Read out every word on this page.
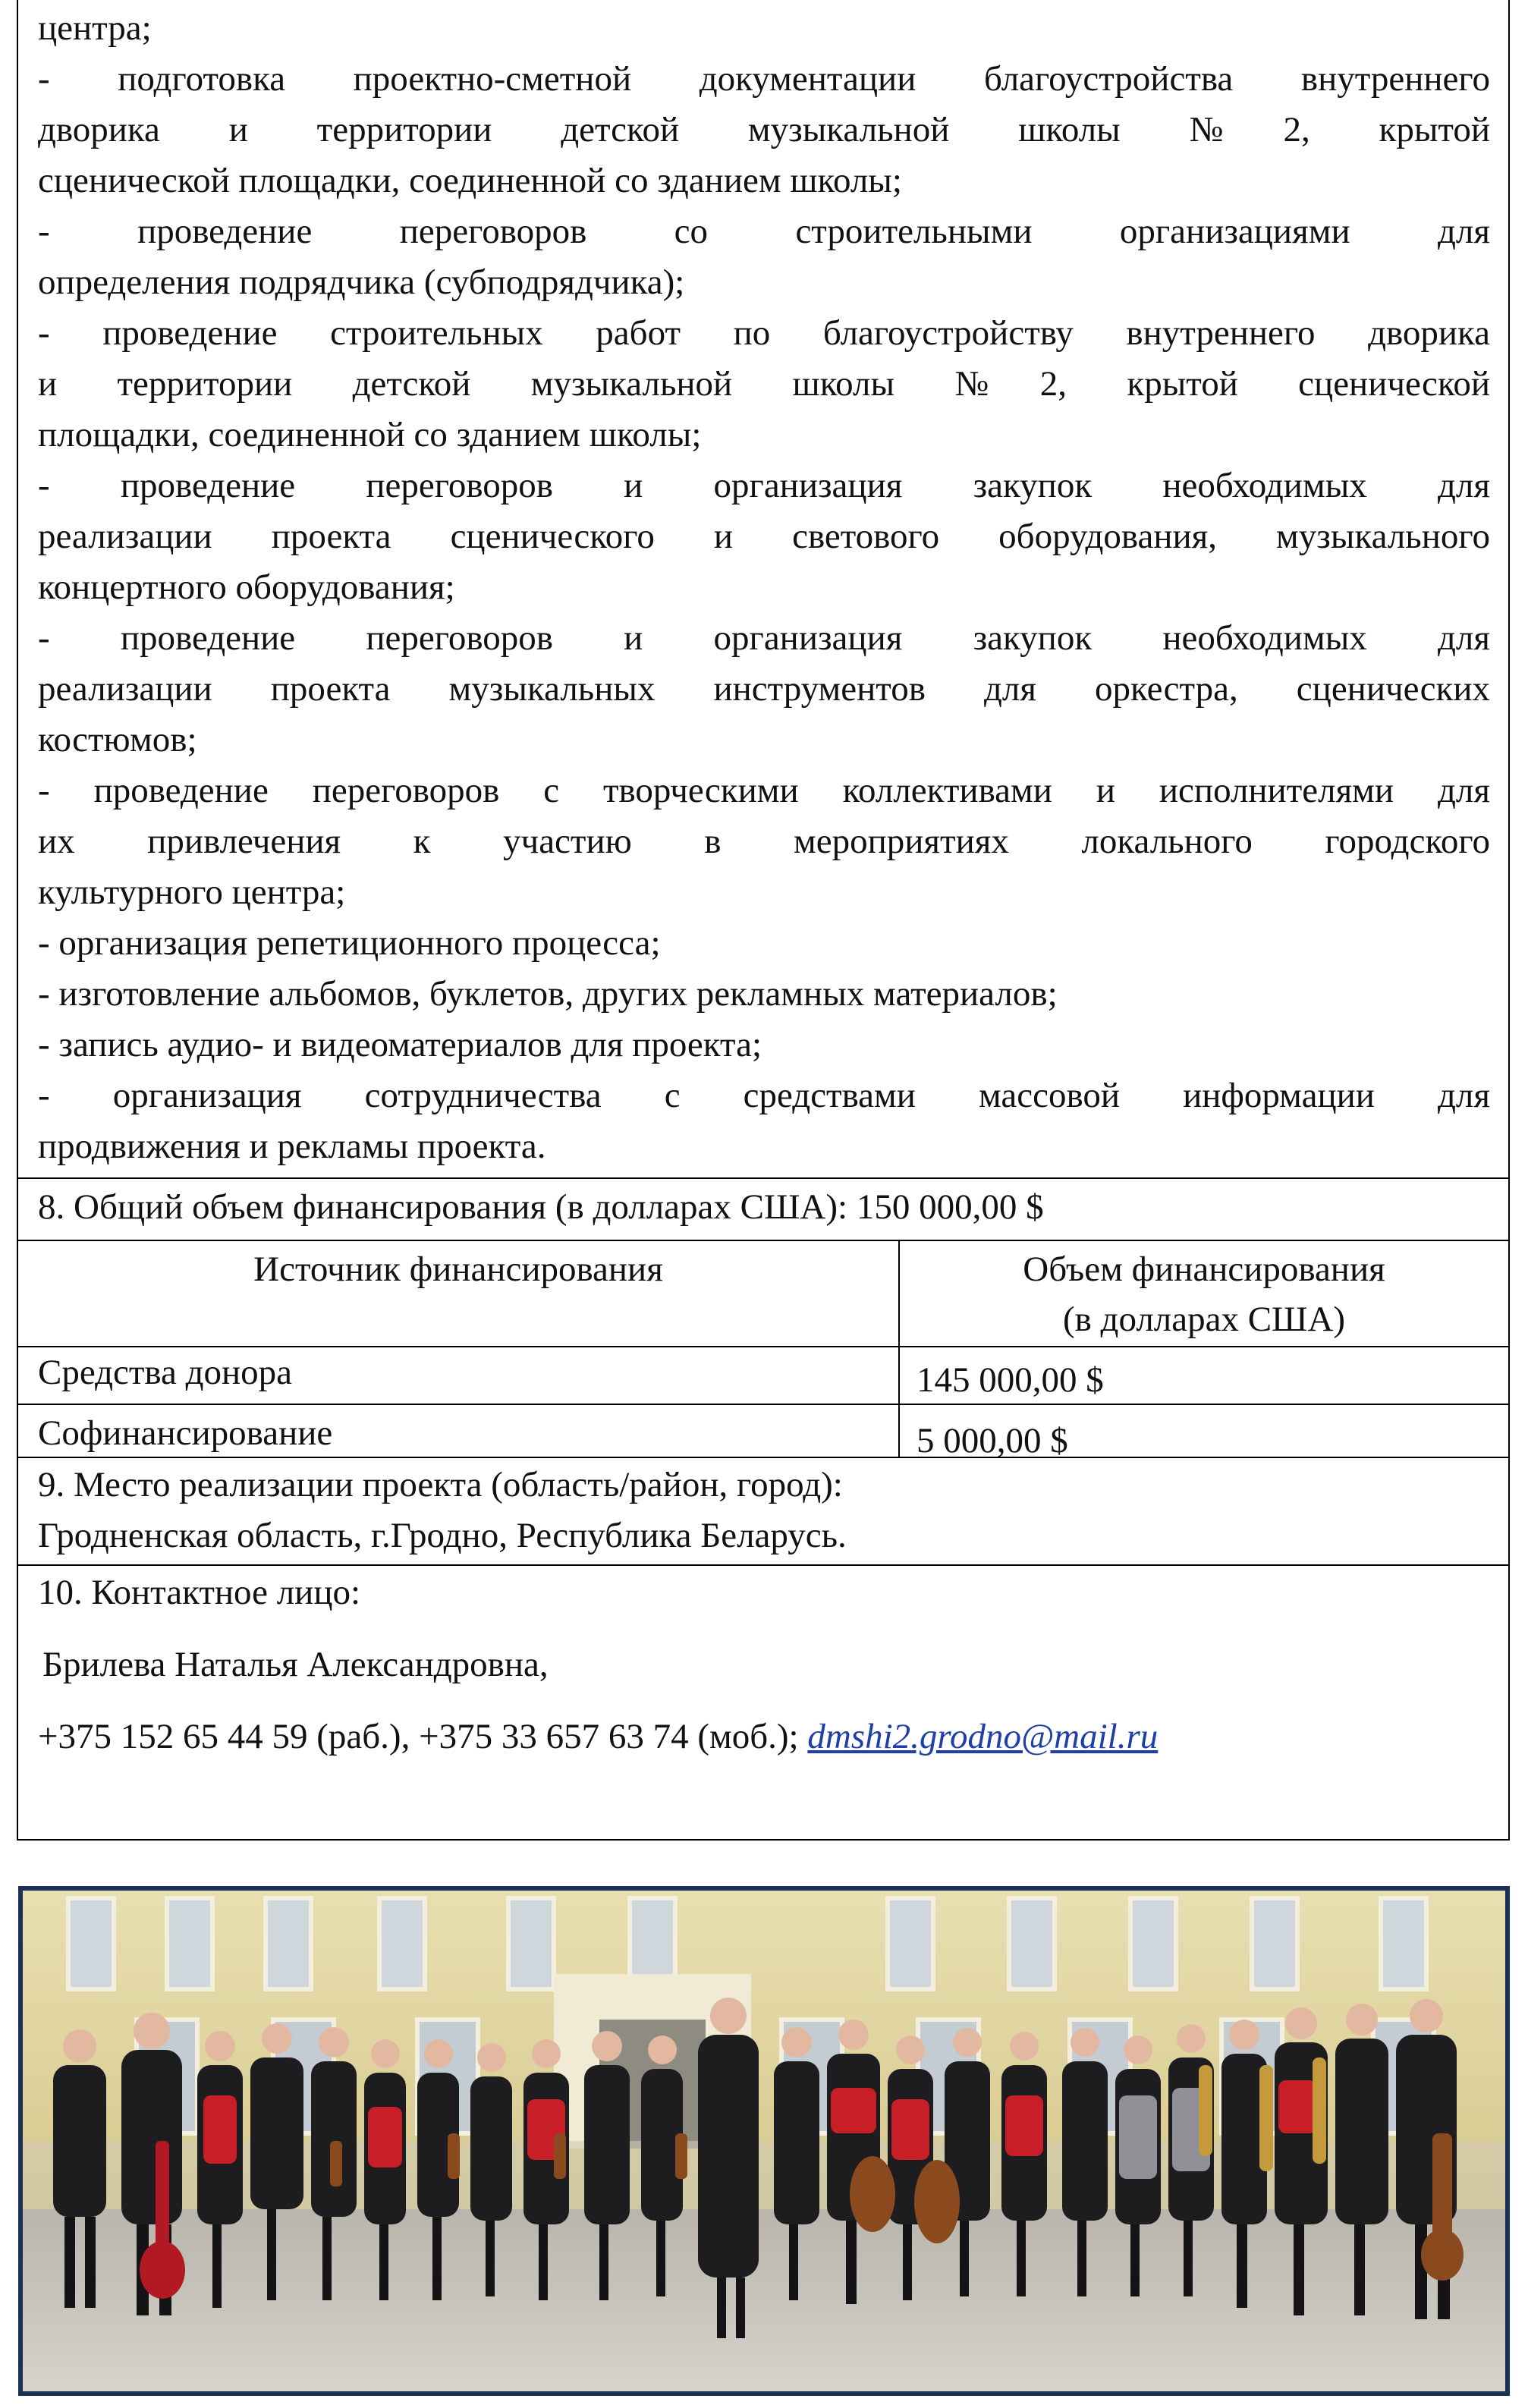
центра;
- подготовка проектно-сметной документации благоустройства внутреннего
дворика и территории детской музыкальной школы №2, крытой
сценической площадки, соединенной со зданием школы;
- проведение переговоров со строительными организациями для
определения подрядчика (субподрядчика);
- проведение строительных работ по благоустройству внутреннего дворика
и территории детской музыкальной школы №2, крытой сценической
площадки, соединенной со зданием школы;
- проведение переговоров и организация закупок необходимых для
реализации проекта сценического и светового оборудования, музыкального
концертного оборудования;
- проведение переговоров и организация закупок необходимых для
реализации проекта музыкальных инструментов для оркестра, сценических
костюмов;
- проведение переговоров с творческими коллективами и исполнителями для
их привлечения к участию в мероприятиях локального городского
культурного центра;
- организация репетиционного процесса;
- изготовление альбомов, буклетов, других рекламных материалов;
- запись аудио- и видеоматериалов для проекта;
- организация сотрудничества с средствами массовой информации для
продвижения и рекламы проекта.
8. Общий объем финансирования (в долларах США): 150 000,00 $
Источник финансирования	Объем финансирования
(в долларах США)
Средства донора	145 000,00 $
Софинансирование	5 000,00 $
9. Место реализации проекта (область/район, город):
Гродненская область, г.Гродно, Республика Беларусь.
10. Контактное лицо:
Брилева Наталья Александровна,
+375 152 65 44 59 (раб.), +375 33 657 63 74 (моб.); dmshi2.grodno@mail.ru
